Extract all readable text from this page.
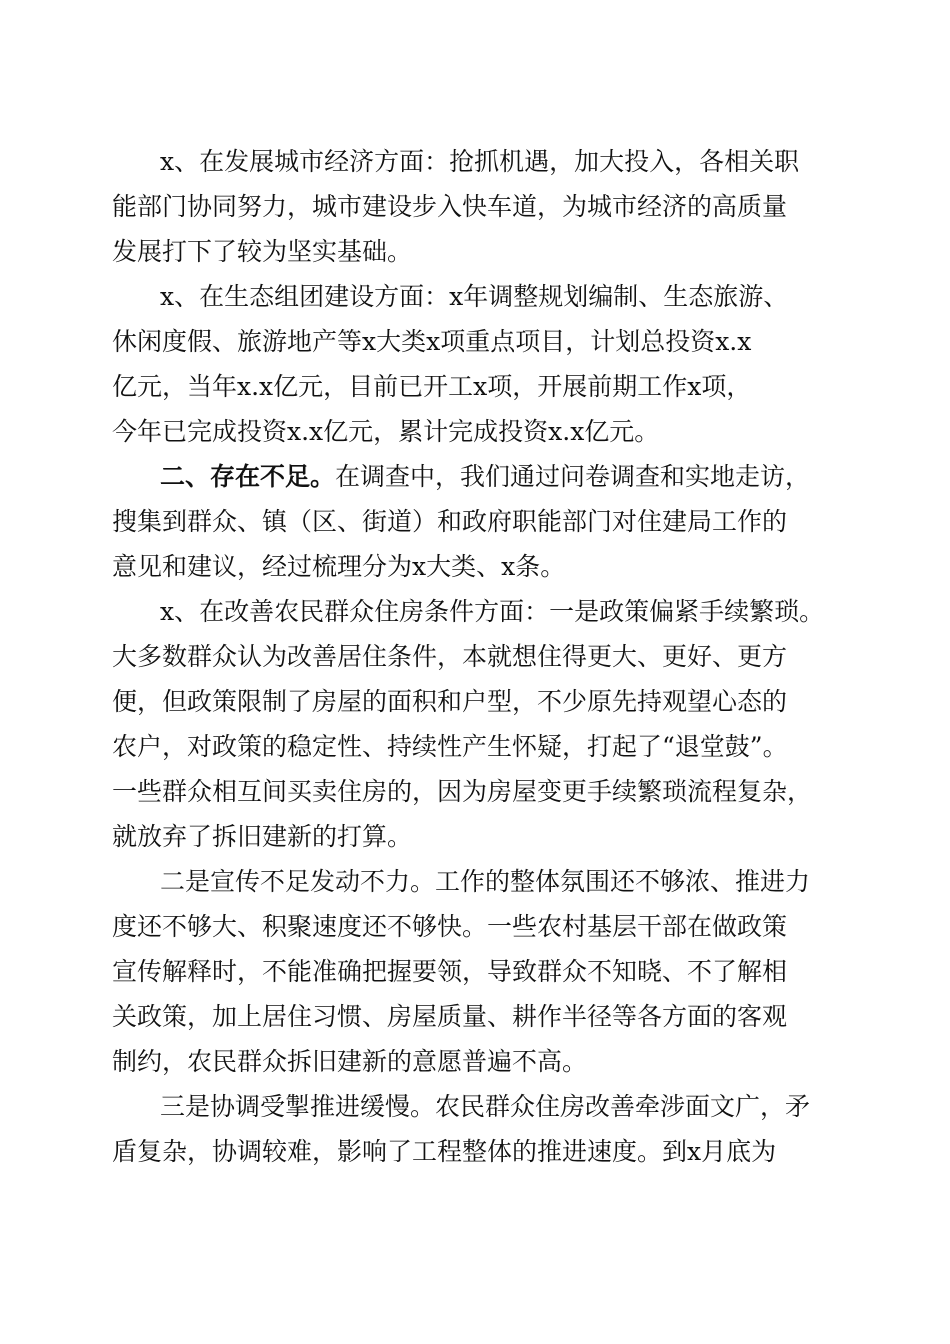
x、在发展城市经济方面：抢抓机遇，加大投入，各相关职
能部门协同努力，城市建设步入快车道，为城市经济的高质量
发展打下了较为坚实基础。
x、在生态组团建设方面：x年调整规划编制、生态旅游、
休闲度假、旅游地产等x大类x项重点项目，计划总投资x.x
亿元，当年x.x亿元，目前已开工x项，开展前期工作x项，
今年已完成投资x.x亿元，累计完成投资x.x亿元。
二、存在不足。在调查中，我们通过问卷调查和实地走访，
搜集到群众、镇（区、街道）和政府职能部门对住建局工作的
意见和建议，经过梳理分为x大类、x条。
x、在改善农民群众住房条件方面：一是政策偏紧手续繁琐。
大多数群众认为改善居住条件，本就想住得更大、更好、更方
便，但政策限制了房屋的面积和户型，不少原先持观望心态的
农户，对政策的稳定性、持续性产生怀疑，打起了“退堂鼓”。
一些群众相互间买卖住房的，因为房屋变更手续繁琐流程复杂，
就放弃了拆旧建新的打算。
二是宣传不足发动不力。工作的整体氛围还不够浓、推进力
度还不够大、积聚速度还不够快。一些农村基层干部在做政策
宣传解释时，不能准确把握要领，导致群众不知晓、不了解相
关政策，加上居住习惯、房屋质量、耕作半径等各方面的客观
制约，农民群众拆旧建新的意愿普遍不高。
三是协调受掣推进缓慢。农民群众住房改善牵涉面文广，矛
盾复杂，协调较难，影响了工程整体的推进速度。到x月底为
